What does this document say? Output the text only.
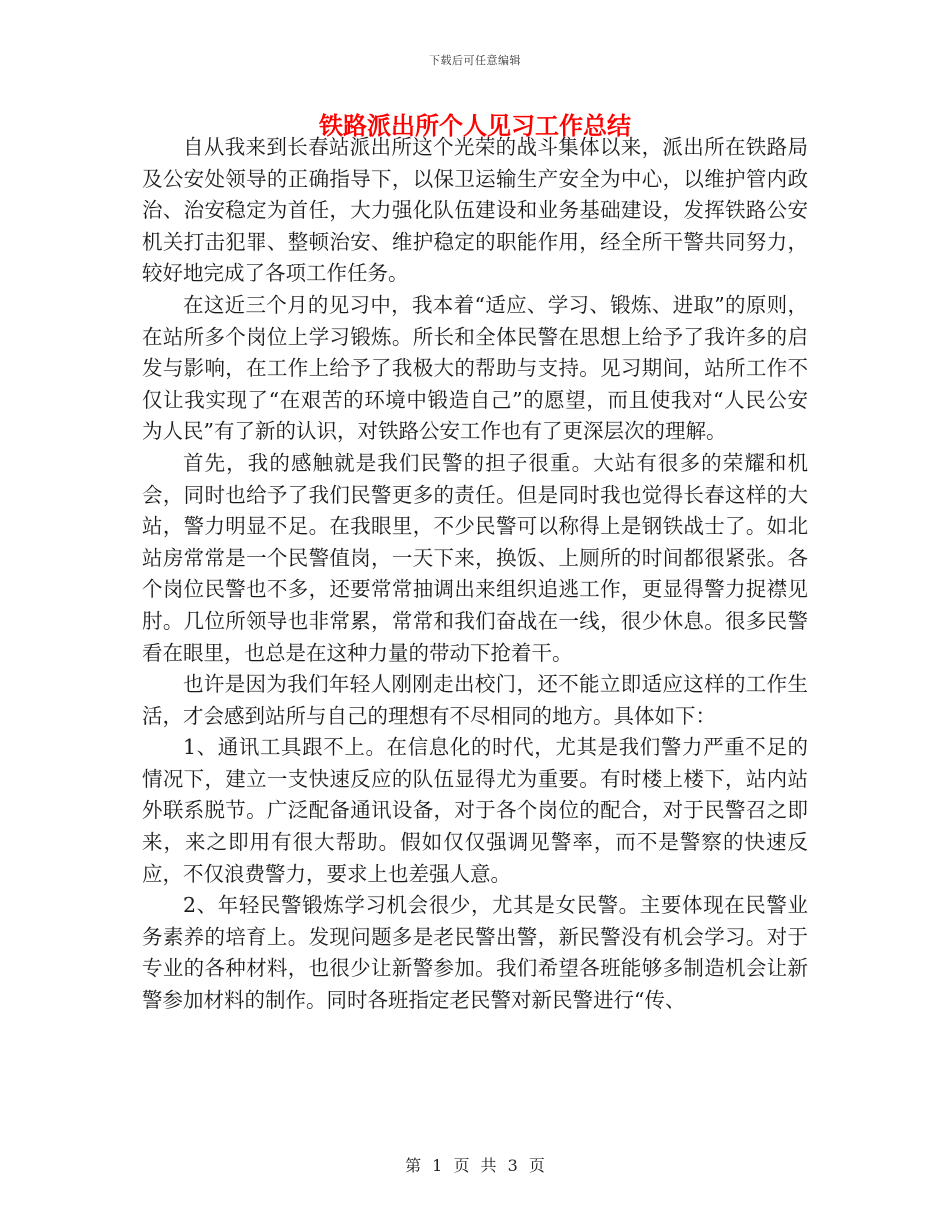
下载后可任意编辑
铁路派出所个人见习工作总结

自从我来到长春站派出所这个光荣的战斗集体以来，派出所在铁路局及公安处领导的正确指导下，以保卫运输生产安全为中心，以维护管内政治、治安稳定为首任，大力强化队伍建设和业务基础建设，发挥铁路公安机关打击犯罪、整顿治安、维护稳定的职能作用，经全所干警共同努力，较好地完成了各项工作任务。

在这近三个月的见习中，我本着“适应、学习、锻炼、进取”的原则，在站所多个岗位上学习锻炼。所长和全体民警在思想上给予了我许多的启发与影响，在工作上给予了我极大的帮助与支持。见习期间，站所工作不仅让我实现了“在艰苦的环境中锻造自己”的愿望，而且使我对“人民公安为人民”有了新的认识，对铁路公安工作也有了更深层次的理解。

首先，我的感触就是我们民警的担子很重。大站有很多的荣耀和机会，同时也给予了我们民警更多的责任。但是同时我也觉得长春这样的大站，警力明显不足。在我眼里，不少民警可以称得上是钢铁战士了。如北站房常常是一个民警值岗，一天下来，换饭、上厕所的时间都很紧张。各个岗位民警也不多，还要常常抽调出来组织追逃工作，更显得警力捉襟见肘。几位所领导也非常累，常常和我们奋战在一线，很少休息。很多民警看在眼里，也总是在这种力量的带动下抢着干。

也许是因为我们年轻人刚刚走出校门，还不能立即适应这样的工作生活，才会感到站所与自己的理想有不尽相同的地方。具体如下：

1、通讯工具跟不上。在信息化的时代，尤其是我们警力严重不足的情况下，建立一支快速反应的队伍显得尤为重要。有时楼上楼下，站内站外联系脱节。广泛配备通讯设备，对于各个岗位的配合，对于民警召之即来，来之即用有很大帮助。假如仅仅强调见警率，而不是警察的快速反应，不仅浪费警力，要求上也差强人意。

2、年轻民警锻炼学习机会很少，尤其是女民警。主要体现在民警业务素养的培育上。发现问题多是老民警出警，新民警没有机会学习。对于专业的各种材料，也很少让新警参加。我们希望各班能够多制造机会让新警参加材料的制作。同时各班指定老民警对新民警进行“传、

第 1 页 共 3 页
